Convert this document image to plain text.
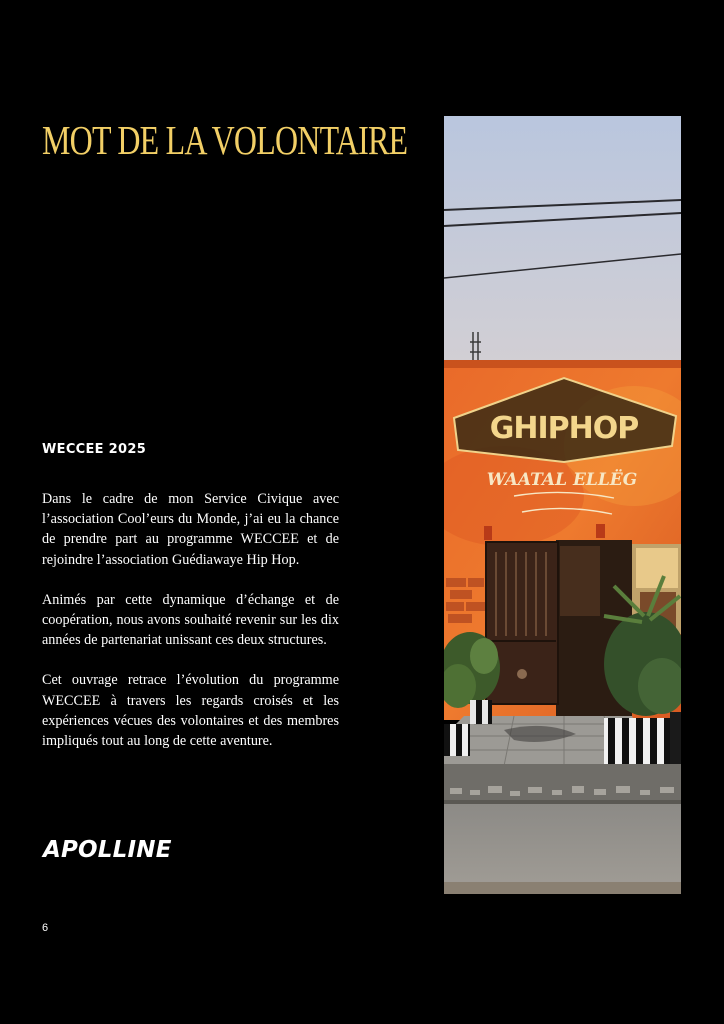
MOT DE LA VOLONTAIRE
WECCEE 2025

Dans le cadre de mon Service Civique avec l’association Cool’eurs du Monde, j’ai eu la chance de prendre part au programme WECCEE et de rejoindre l’association Guédiawaye Hip Hop.

Animés par cette dynamique d’échange et de coopération, nous avons souhaité revenir sur les dix années de partenariat unissant ces deux structures.

Cet ouvrage retrace l’évolution du programme WECCEE à travers les regards croisés et les expériences vécues des volontaires et des membres impliqués tout au long de cette aventure.

APOLLINE
6
GHIPHOP
WAATAL ELLËG
